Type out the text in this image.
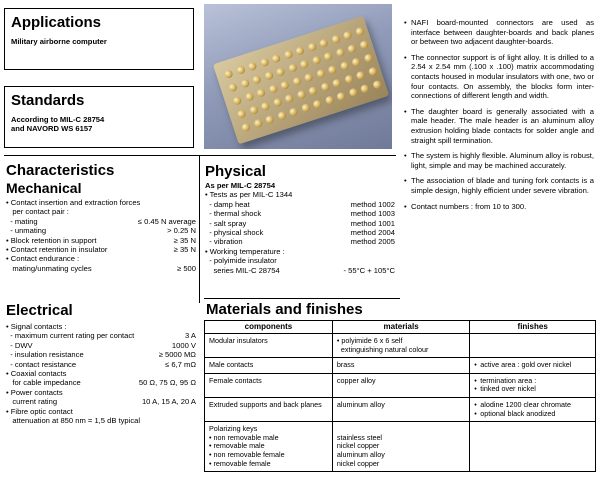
Applications
Military airborne computer
Standards
According to MIL-C 28754
and NAVORD WS 6157
Characteristics
Mechanical
• Contact insertion and extraction forces
per contact pair :
- mating	≤ 0.45 N average
- unmating	> 0.25 N
• Block retention in support	≥ 35 N
• Contact retention in insulator	≥ 35 N
• Contact endurance :
mating/unmating cycles	≥ 500
Electrical
• Signal contacts :
- maximum current rating per contact	3 A
- DWV	1000 V
- insulation resistance	≥ 5000 MΩ
- contact resistance	≤ 6,7 mΩ
• Coaxial contacts
for cable impedance	50 Ω, 75 Ω, 95 Ω
• Power contacts
current rating	10 A, 15 A, 20 A
• Fibre optic contact
attenuation at 850 nm = 1,5 dB typical
Physical
As per MIL-C 28754
• Tests as per MIL-C 1344
- damp heat	method 1002
- thermal shock	method 1003
- salt spray	method 1001
- physical shock	method 2004
- vibration	method 2005
• Working temperature :
- polyimide insulator
series MIL-C 28754	- 55°C + 105°C

• NAFI board-mounted connectors are used as interface between daughter-boards and back planes or between two adjacent daughter-boards.

• The connector support is of light alloy. It is drilled to a 2.54 x 2.54 mm (.100 x .100) matrix accommodating contacts housed in modular insulators with one, two or four contacts. On assembly, the blocks form inter-connections of different length and width.

• The daughter board is generally associated with a male header. The male header is an aluminum alloy extrusion holding blade contacts for solder angle and straight spill termination.

• The system is highly flexible. Aluminum alloy is robust, light, simple and may be machined accurately.

• The association of blade and tuning fork contacts is a simple design, highly efficient under severe vibration.

• Contact numbers : from 10 to 300.

Materials and finishes
components	materials	finishes

Modular insulators	• polyimide 6 x 6 self
extinguishing natural colour	

Male contacts	brass	• active area : gold over nickel

Female contacts	copper alloy	• termination area :
• tinked over nickel

Extruded supports and back planes	aluminum alloy	• alodine 1200 clear chromate
• optional black anodized

Polarizing keys
• non removable male
• removable male
• non removable female
• removable female	stainless steel
nickel copper
aluminum alloy
nickel copper	
